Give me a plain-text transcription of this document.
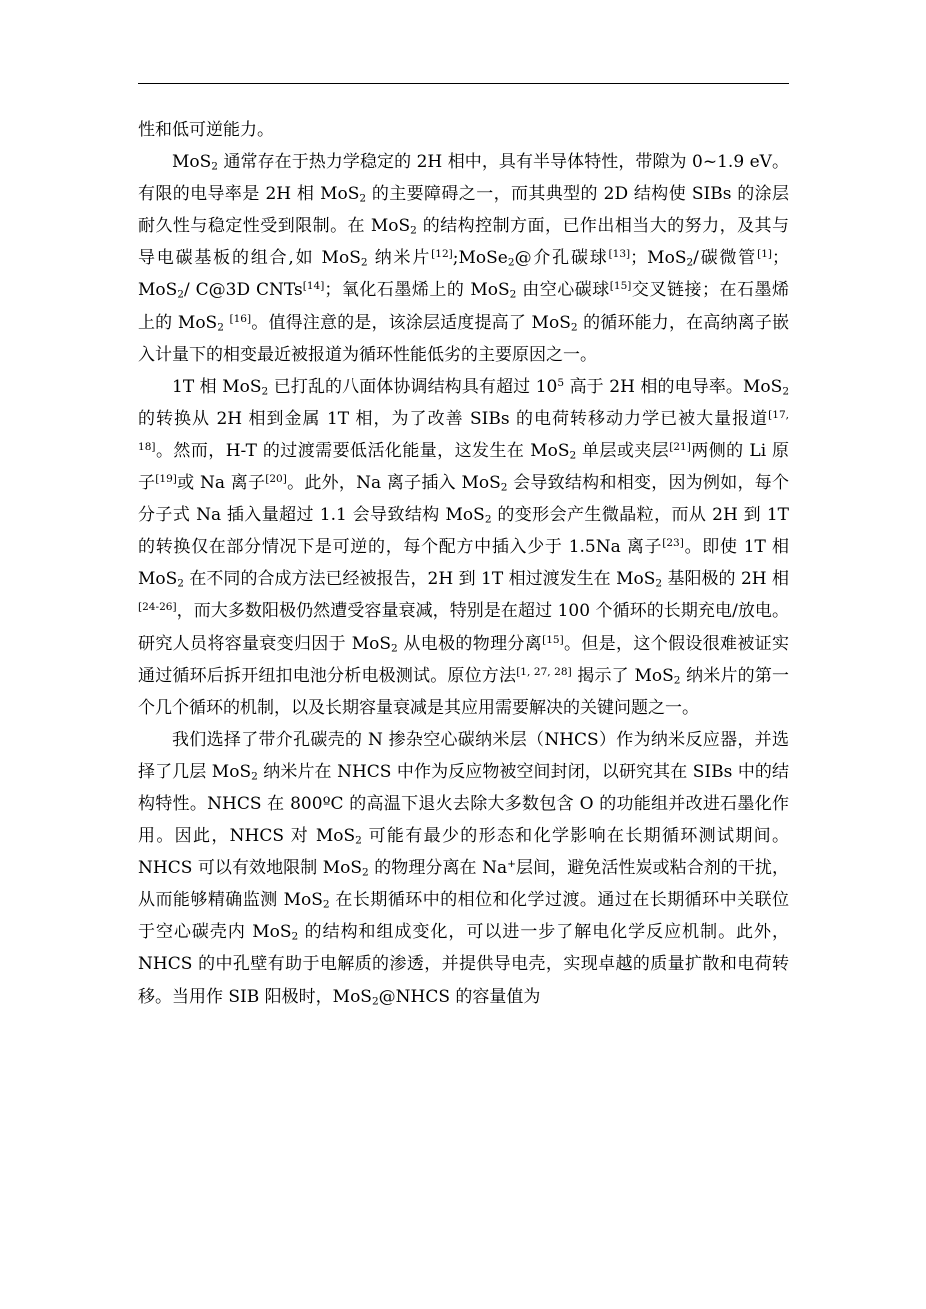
性和低可逆能力。

MoS$_2$ 通常存在于热力学稳定的 2H 相中，具有半导体特性，带隙为 0~1.9 eV。有限的电导率是 2H 相 MoS$_2$ 的主要障碍之一，而其典型的 2D 结构使 SIBs 的涂层耐久性与稳定性受到限制。在 MoS$_2$ 的结构控制方面，已作出相当大的努力，及其与导电碳基板的组合,如 MoS$_2$ 纳米片[12];MoSe$_2$@介孔碳球[13]；MoS$_2$/碳微管[1]；MoS$_2$/ C@3D CNTs[14]；氧化石墨烯上的 MoS$_2$ 由空心碳球[15]交叉链接；在石墨烯上的 MoS$_2$ [16]。值得注意的是，该涂层适度提高了 MoS$_2$ 的循环能力，在高纳离子嵌入计量下的相变最近被报道为循环性能低劣的主要原因之一。

1T 相 MoS$_2$ 已打乱的八面体协调结构具有超过 $10^5$ 高于 2H 相的电导率。MoS$_2$ 的转换从 2H 相到金属 1T 相，为了改善 SIBs 的电荷转移动力学已被大量报道[17, 18]。然而，H-T 的过渡需要低活化能量，这发生在 MoS$_2$ 单层或夹层[21]两侧的 Li 原子[19]或 Na 离子[20]。此外，Na 离子插入 MoS$_2$ 会导致结构和相变，因为例如，每个分子式 Na 插入量超过 1.1 会导致结构 MoS$_2$ 的变形会产生微晶粒，而从 2H 到 1T 的转换仅在部分情况下是可逆的，每个配方中插入少于 1.5Na 离子[23]。即使 1T 相 MoS$_2$ 在不同的合成方法已经被报告，2H 到 1T 相过渡发生在 MoS$_2$ 基阳极的 2H 相[24-26]，而大多数阳极仍然遭受容量衰减，特别是在超过 100 个循环的长期充电/放电。研究人员将容量衰变归因于 MoS$_2$ 从电极的物理分离[15]。但是，这个假设很难被证实通过循环后拆开纽扣电池分析电极测试。原位方法[1, 27, 28] 揭示了 MoS$_2$ 纳米片的第一个几个循环的机制，以及长期容量衰减是其应用需要解决的关键问题之一。

我们选择了带介孔碳壳的 N 掺杂空心碳纳米层（NHCS）作为纳米反应器，并选择了几层 MoS$_2$ 纳米片在 NHCS 中作为反应物被空间封闭，以研究其在 SIBs 中的结构特性。NHCS 在 800ºC 的高温下退火去除大多数包含 O 的功能组并改进石墨化作用。因此，NHCS 对 MoS$_2$ 可能有最少的形态和化学影响在长期循环测试期间。NHCS 可以有效地限制 MoS$_2$ 的物理分离在 Na+层间，避免活性炭或粘合剂的干扰，从而能够精确监测 MoS$_2$ 在长期循环中的相位和化学过渡。通过在长期循环中关联位于空心碳壳内 MoS$_2$ 的结构和组成变化，可以进一步了解电化学反应机制。此外，NHCS 的中孔壁有助于电解质的渗透，并提供导电壳，实现卓越的质量扩散和电荷转移。当用作 SIB 阳极时，MoS$_2$@NHCS 的容量值为
